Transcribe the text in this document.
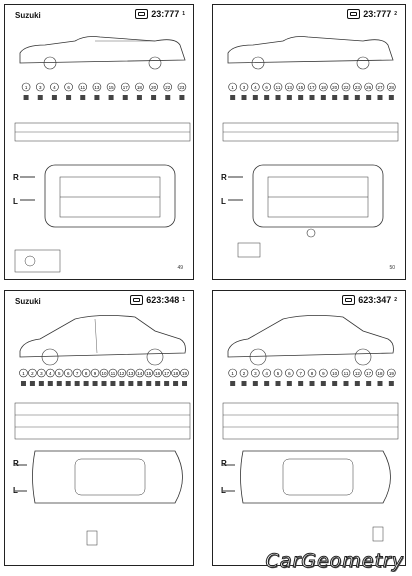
Suzuki	23:777 1
1	3	4	6 11 13 15 17 18 20 22 23
R
L
49
23:777 2
1 3 4 6 11 13 15 17 18 20 22 23 26 27 28
R
L
50
Suzuki	623:348 1
1 2 3 4 5 6 7 8 9 10 11 12 13 14 15 16 17 18 19
R
L
623:347 2
1 2 3 4 5 6 7 8 9 10 11 12 17 18 19
R
L
CarGeometry
